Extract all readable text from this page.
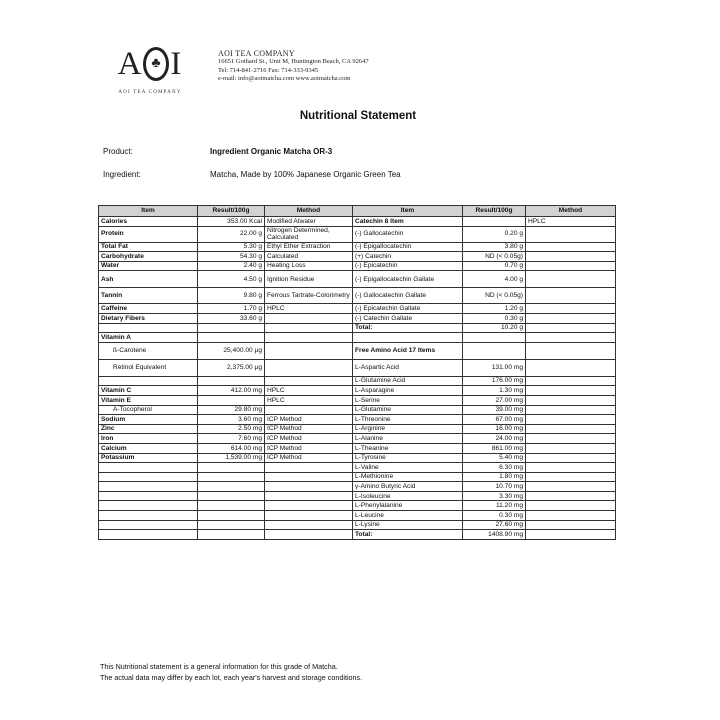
A ♣ I
AOI TEA COMPANY
AOI TEA COMPANY
16651 Gothard St., Unit M, Huntington Beach, CA 92647
Tel: 714-841-2716 Fax: 714-333-9345
e-mail: info@aoimatcha.com www.aoimatcha.com
Nutritional Statement
Product:	Ingredient Organic Matcha OR-3
Ingredient:	Matcha, Made by 100% Japanese Organic Green Tea
Item	Result/100g	Method	Item	Result/100g	Method
Calories	353.00 Kcal	Modified Atwater	Catechin 8 Item		HPLC
Protein	22.00 g	Nitrogen Determined, Calculated	(-) Gallocatechin	0.20 g	
Total Fat	5.30 g	Ethyl Ether Extraction	(-) Epigallocatechin	3.80 g	
Carbohydrate	54.30 g	Calculated	(+) Catechin	ND (< 0.05g)	
Water	2.40 g	Heating Loss	(-) Epicatechin	0.70 g	
Ash	4.50 g	Ignition Residue	(-) Epigallocatechin Gallate	4.00 g	
Tannin	9.80 g	Ferrous Tartrate-Colorimetry	(-) Gallocatechin Gallate	ND (< 0.05g)	
Caffeine	1.70 g	HPLC	(-) Epicatechin Gallate	1.20 g	
Dietary Fibers	33.60 g		(-) Catechin Gallate	0.30 g	
			Total:	10.20 g	
Vitamin A					
ß-Carotene	25,400.00 µg		Free Amino Acid 17 Items		
Retinol Equivalent	2,375.00 µg		L-Aspartic Acid	131.00 mg	
			L-Glutamine Acid	176.00 mg	
Vitamin C	412.00 mg	HPLC	L-Asparagine	1.30 mg	
Vitamin E		HPLC	L-Serine	27.00 mg	
A-Tocopherol	29.80 mg		L-Glutamine	39.00 mg	
Sodium	3.60 mg	ICP Method	L-Threonine	67.00 mg	
Zinc	2.50 mg	ICP Method	L-Arginine	16.00 mg	
Iron	7.60 mg	ICP Method	L-Alanine	24.00 mg	
Calcium	614.00 mg	ICP Method	L-Theanine	861.00 mg	
Potassium	1,539.00 mg	ICP Method	L-Tyrosine	5.40 mg	
			L-Valine	6.30 mg	
			L-Methionine	1.80 mg	
			γ-Amino Butyric Acid	10.70 mg	
			L-Isoleucine	3.30 mg	
			L-Phenylalanine	11.20 mg	
			L-Leucine	0.30 mg	
			L-Lysine	27.60 mg	
			Total:	1408.90 mg	
This Nutritional statement is a general information for this grade of Matcha.
The actual data may differ by each lot, each year's harvest and storage conditions.
